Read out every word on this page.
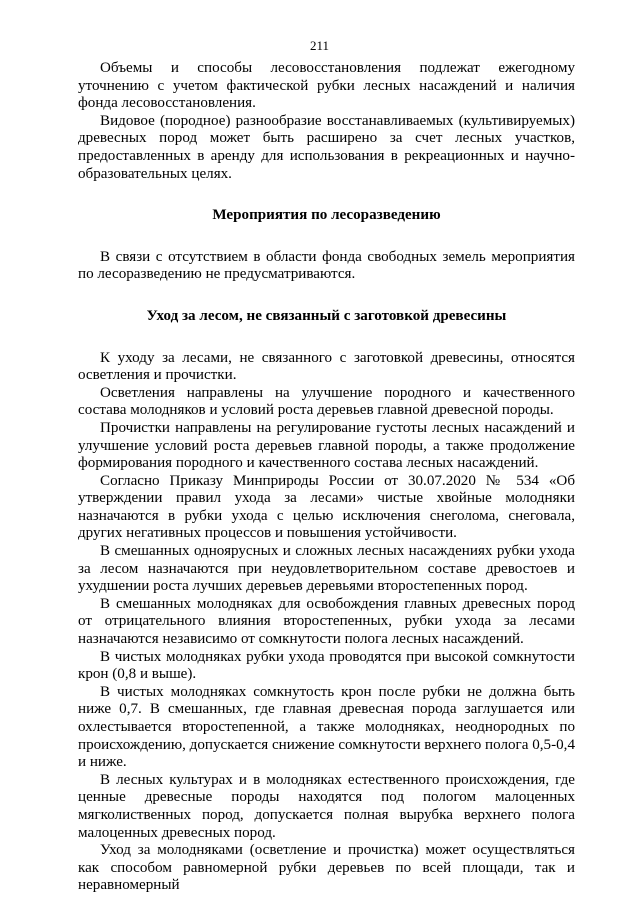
211

Объемы и способы лесовосстановления подлежат ежегодному уточнению с учетом фактической рубки лесных насаждений и наличия фонда лесовосстановления.

Видовое (породное) разнообразие восстанавливаемых (культивируемых) древесных пород может быть расширено за счет лесных участков, предоставленных в аренду для использования в рекреационных и научно-образовательных целях.

Мероприятия по лесоразведению

В связи с отсутствием в области фонда свободных земель мероприятия по лесоразведению не предусматриваются.

Уход за лесом, не связанный с заготовкой древесины

К уходу за лесами, не связанного с заготовкой древесины, относятся осветления и прочистки.

Осветления направлены на улучшение породного и качественного состава молодняков и условий роста деревьев главной древесной породы.

Прочистки направлены на регулирование густоты лесных насаждений и улучшение условий роста деревьев главной породы, а также продолжение формирования породного и качественного состава лесных насаждений.

Согласно Приказу Минприроды России от 30.07.2020 № 534 «Об утверждении правил ухода за лесами» чистые хвойные молодняки назначаются в рубки ухода с целью исключения снеголома, снеговала, других негативных процессов и повышения устойчивости.

В смешанных одноярусных и сложных лесных насаждениях рубки ухода за лесом назначаются при неудовлетворительном составе древостоев и ухудшении роста лучших деревьев деревьями второстепенных пород.

В смешанных молодняках для освобождения главных древесных пород от отрицательного влияния второстепенных, рубки ухода за лесами назначаются независимо от сомкнутости полога лесных насаждений.

В чистых молодняках рубки ухода проводятся при высокой сомкнутости крон (0,8 и выше).

В чистых молодняках сомкнутость крон после рубки не должна быть ниже 0,7. В смешанных, где главная древесная порода заглушается или охлестывается второстепенной, а также молодняках, неоднородных по происхождению, допускается снижение сомкнутости верхнего полога 0,5-0,4 и ниже.

В лесных культурах и в молодняках естественного происхождения, где ценные древесные породы находятся под пологом малоценных мягколиственных пород, допускается полная вырубка верхнего полога малоценных древесных пород.

Уход за молодняками (осветление и прочистка) может осуществляться как способом равномерной рубки деревьев по всей площади, так и неравномерный
